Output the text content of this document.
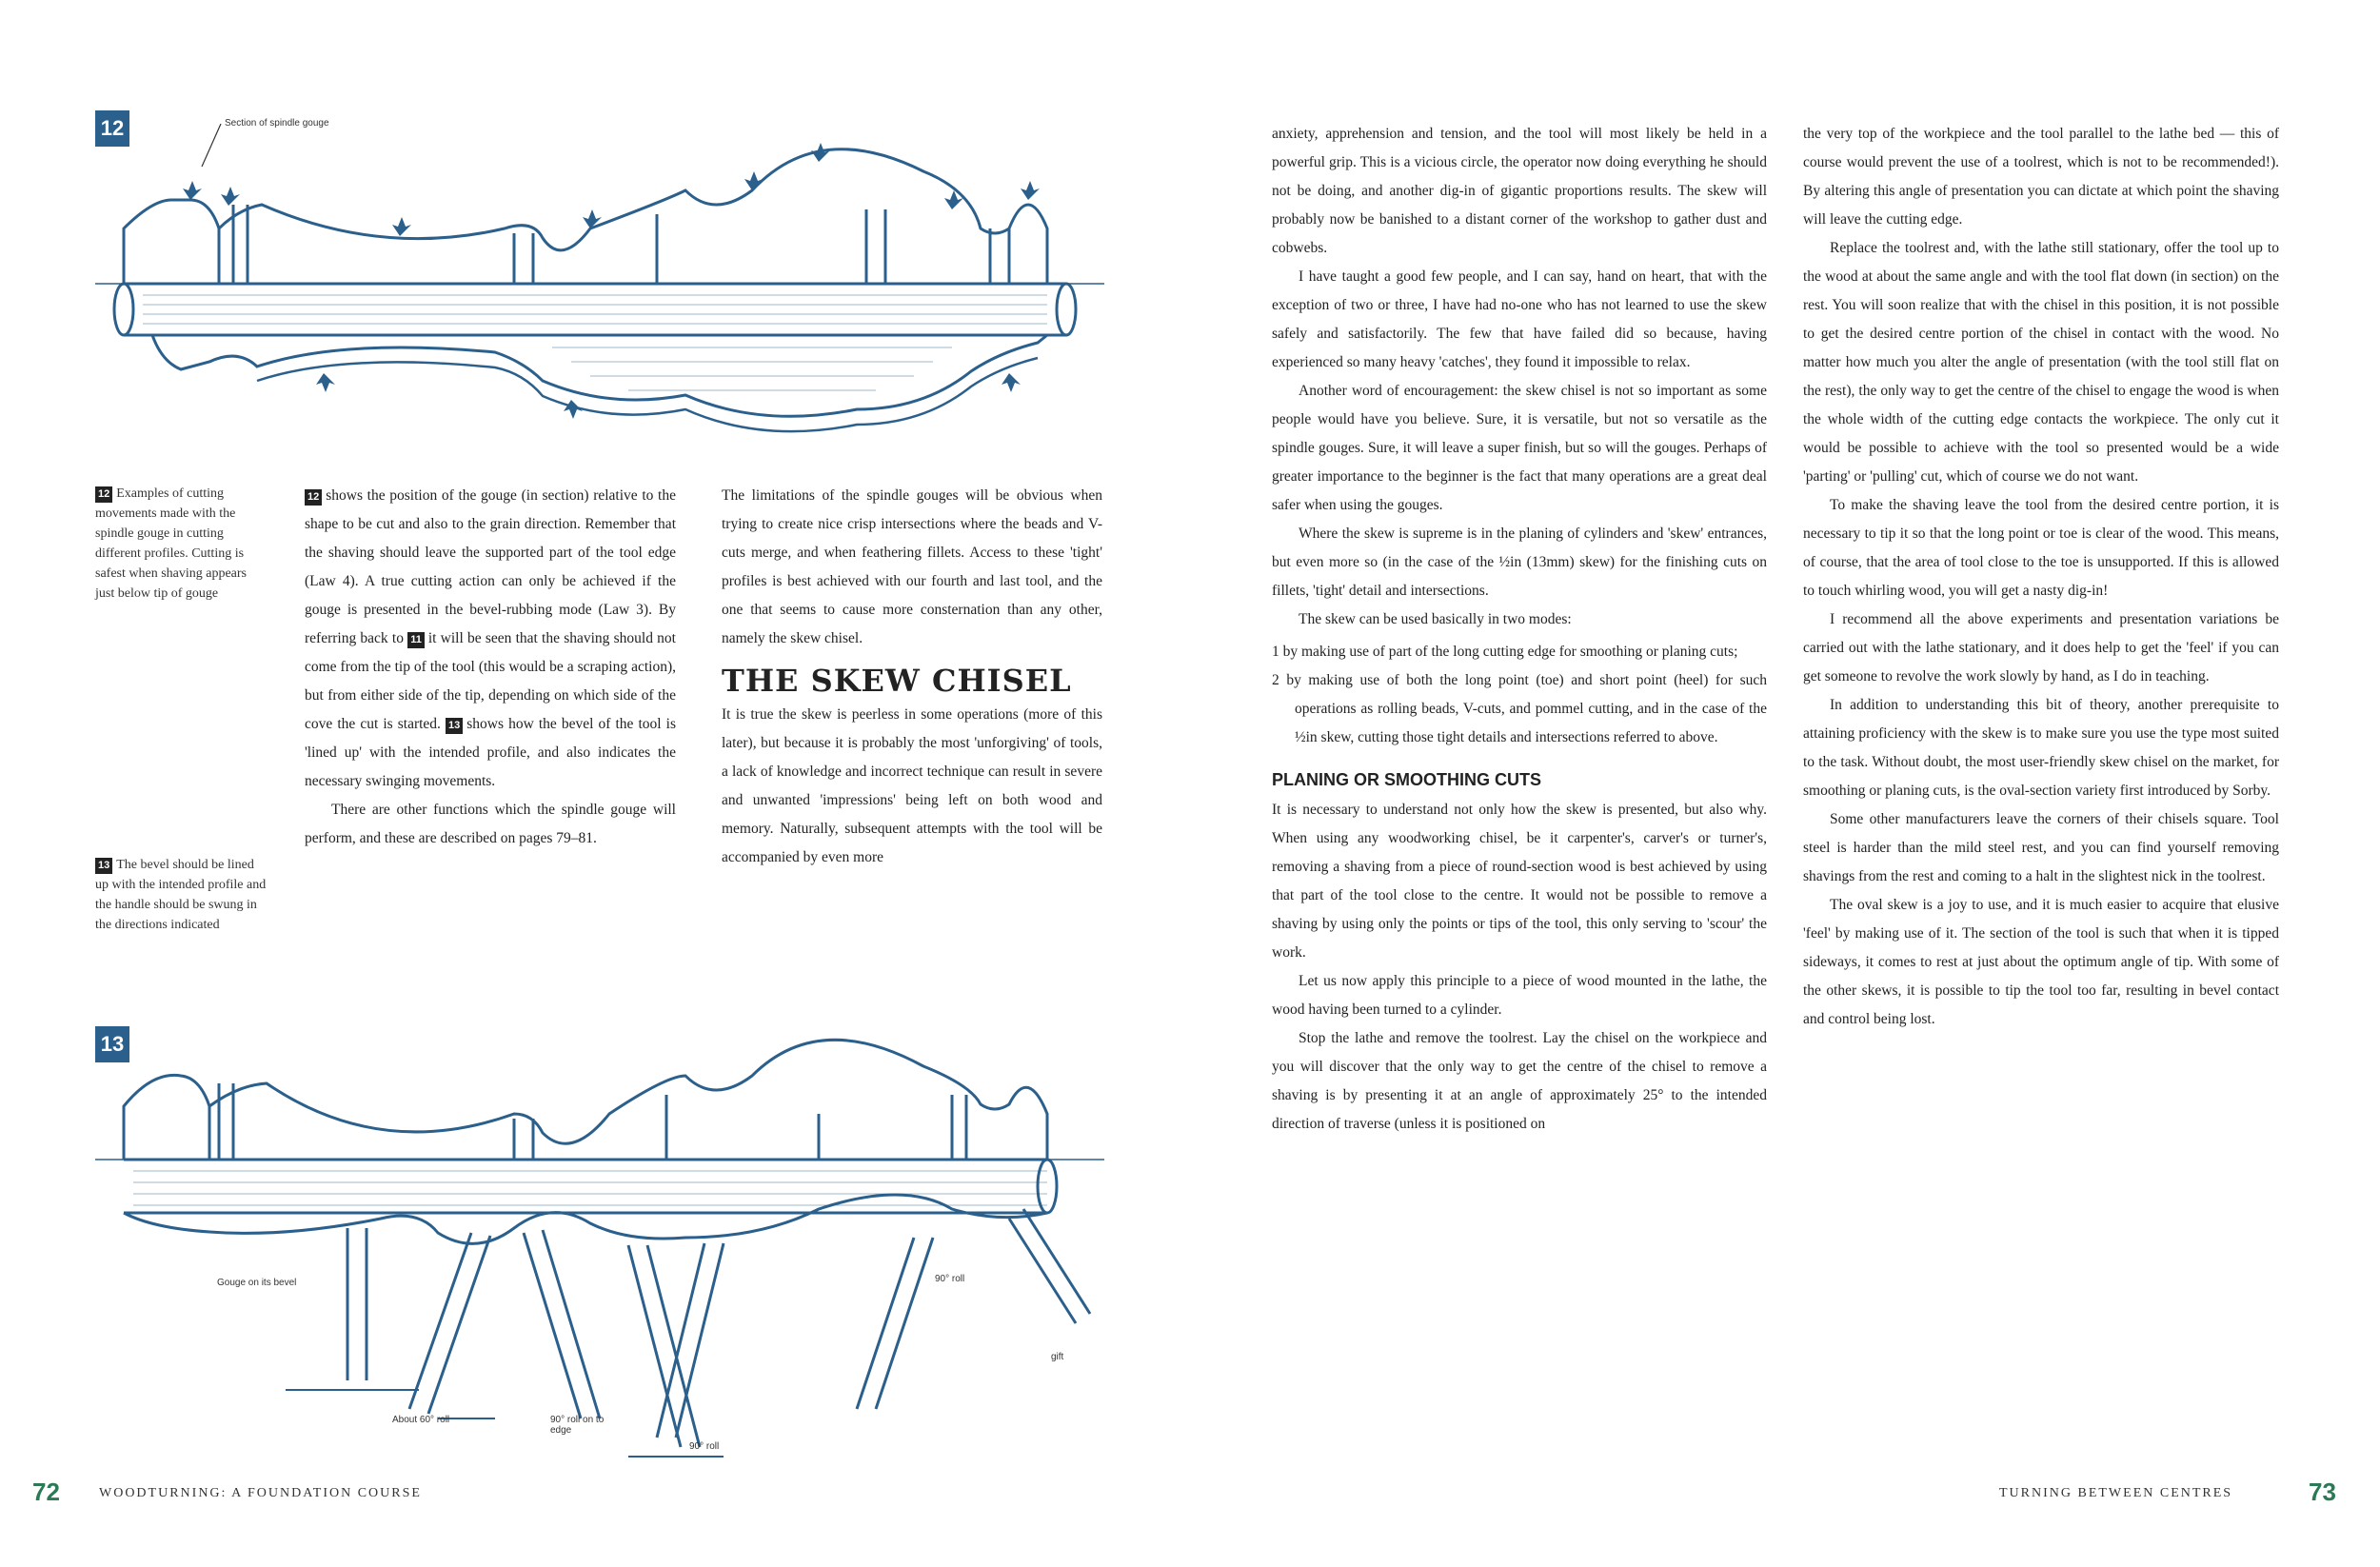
12	Section of spindle gouge
12 Examples of cutting movements made with the spindle gouge in cutting different profiles. Cutting is safest when shaving appears just below tip of gouge
13 The bevel should be lined up with the intended profile and the handle should be swung in the directions indicated

12 shows the position of the gouge (in section) relative to the shape to be cut and also to the grain direction. Remember that the shaving should leave the supported part of the tool edge (Law 4). A true cutting action can only be achieved if the gouge is presented in the bevel-rubbing mode (Law 3). By referring back to 11 it will be seen that the shaving should not come from the tip of the tool (this would be a scraping action), but from either side of the tip, depending on which side of the cove the cut is started. 13 shows how the bevel of the tool is 'lined up' with the intended profile, and also indicates the necessary swinging movements.

There are other functions which the spindle gouge will perform, and these are described on pages 79–81.

The limitations of the spindle gouges will be obvious when trying to create nice crisp intersections where the beads and V-cuts merge, and when feathering fillets. Access to these 'tight' profiles is best achieved with our fourth and last tool, and the one that seems to cause more consternation than any other, namely the skew chisel.

THE SKEW CHISEL

It is true the skew is peerless in some operations (more of this later), but because it is probably the most 'unforgiving' of tools, a lack of knowledge and incorrect technique can result in severe and unwanted 'impressions' being left on both wood and memory. Naturally, subsequent attempts with the tool will be accompanied by even more

13
Gouge on its bevel
About 60° roll	90° roll on to edge
90° roll
90° roll
gift
72	WOODTURNING: A FOUNDATION COURSE

anxiety, apprehension and tension, and the tool will most likely be held in a powerful grip. This is a vicious circle, the operator now doing everything he should not be doing, and another dig-in of gigantic proportions results. The skew will probably now be banished to a distant corner of the workshop to gather dust and cobwebs.

I have taught a good few people, and I can say, hand on heart, that with the exception of two or three, I have had no-one who has not learned to use the skew safely and satisfactorily. The few that have failed did so because, having experienced so many heavy 'catches', they found it impossible to relax.

Another word of encouragement: the skew chisel is not so important as some people would have you believe. Sure, it is versatile, but not so versatile as the spindle gouges. Sure, it will leave a super finish, but so will the gouges. Perhaps of greater importance to the beginner is the fact that many operations are a great deal safer when using the gouges.

Where the skew is supreme is in the planing of cylinders and 'skew' entrances, but even more so (in the case of the ½in (13mm) skew) for the finishing cuts on fillets, 'tight' detail and intersections.

The skew can be used basically in two modes:

1 by making use of part of the long cutting edge for smoothing or planing cuts;
2 by making use of both the long point (toe) and short point (heel) for such operations as rolling beads, V-cuts, and pommel cutting, and in the case of the ½in skew, cutting those tight details and intersections referred to above.
PLANING OR SMOOTHING CUTS

It is necessary to understand not only how the skew is presented, but also why. When using any woodworking chisel, be it carpenter's, carver's or turner's, removing a shaving from a piece of round-section wood is best achieved by using that part of the tool close to the centre. It would not be possible to remove a shaving by using only the points or tips of the tool, this only serving to 'scour' the work.

Let us now apply this principle to a piece of wood mounted in the lathe, the wood having been turned to a cylinder.

Stop the lathe and remove the toolrest. Lay the chisel on the workpiece and you will discover that the only way to get the centre of the chisel to remove a shaving is by presenting it at an angle of approximately 25° to the intended direction of traverse (unless it is positioned on

the very top of the workpiece and the tool parallel to the lathe bed — this of course would prevent the use of a toolrest, which is not to be recommended!). By altering this angle of presentation you can dictate at which point the shaving will leave the cutting edge.

Replace the toolrest and, with the lathe still stationary, offer the tool up to the wood at about the same angle and with the tool flat down (in section) on the rest. You will soon realize that with the chisel in this position, it is not possible to get the desired centre portion of the chisel in contact with the wood. No matter how much you alter the angle of presentation (with the tool still flat on the rest), the only way to get the centre of the chisel to engage the wood is when the whole width of the cutting edge contacts the workpiece. The only cut it would be possible to achieve with the tool so presented would be a wide 'parting' or 'pulling' cut, which of course we do not want.

To make the shaving leave the tool from the desired centre portion, it is necessary to tip it so that the long point or toe is clear of the wood. This means, of course, that the area of tool close to the toe is unsupported. If this is allowed to touch whirling wood, you will get a nasty dig-in!

I recommend all the above experiments and presentation variations be carried out with the lathe stationary, and it does help to get the 'feel' if you can get someone to revolve the work slowly by hand, as I do in teaching.

In addition to understanding this bit of theory, another prerequisite to attaining proficiency with the skew is to make sure you use the type most suited to the task. Without doubt, the most user-friendly skew chisel on the market, for smoothing or planing cuts, is the oval-section variety first introduced by Sorby.

Some other manufacturers leave the corners of their chisels square. Tool steel is harder than the mild steel rest, and you can find yourself removing shavings from the rest and coming to a halt in the slightest nick in the toolrest.

The oval skew is a joy to use, and it is much easier to acquire that elusive 'feel' by making use of it. The section of the tool is such that when it is tipped sideways, it comes to rest at just about the optimum angle of tip. With some of the other skews, it is possible to tip the tool too far, resulting in bevel contact and control being lost.

TURNING BETWEEN CENTRES	73
